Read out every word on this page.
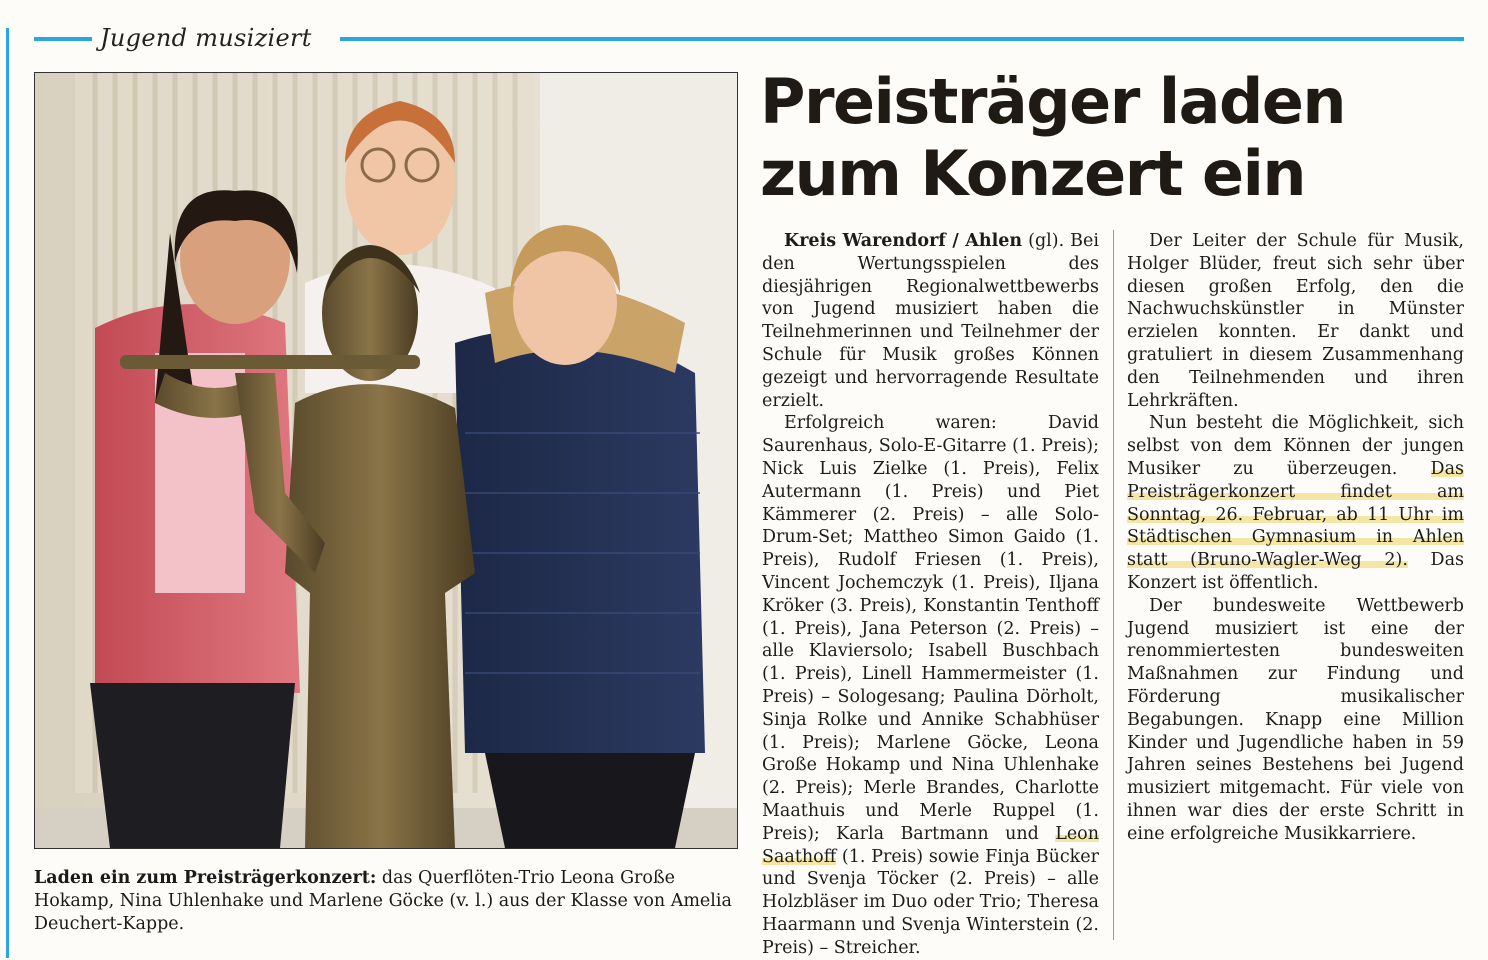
Jugend musiziert
Laden ein zum Preisträgerkonzert: das Querflöten-Trio Leona Große Hokamp, Nina Uhlenhake und Marlene Göcke (v. l.) aus der Klasse von Amelia Deuchert-Kappe.
Preisträger laden
zum Konzert ein

Kreis Warendorf / Ahlen (gl). Bei den Wertungsspielen des diesjährigen Regionalwettbewerbs von Jugend musiziert haben die Teilnehmerinnen und Teilnehmer der Schule für Musik großes Können gezeigt und hervorragende Resultate erzielt.

Erfolgreich waren: David Saurenhaus, Solo-E-Gitarre (1. Preis); Nick Luis Zielke (1. Preis), Felix Autermann (1. Preis) und Piet Kämmerer (2. Preis) – alle Solo-Drum-Set; Mattheo Simon Gaido (1. Preis), Rudolf Friesen (1. Preis), Vincent Jochemczyk (1. Preis), Iljana Kröker (3. Preis), Konstantin Tenthoff (1. Preis), Jana Peterson (2. Preis) – alle Klaviersolo; Isabell Buschbach (1. Preis), Linell Hammermeister (1. Preis) – Sologesang; Paulina Dörholt, Sinja Rolke und Annike Schabhüser (1. Preis); Marlene Göcke, Leona Große Hokamp und Nina Uhlenhake (2. Preis); Merle Brandes, Charlotte Maathuis und Merle Ruppel (1. Preis); Karla Bartmann und Leon Saathoff (1. Preis) sowie Finja Bücker und Svenja Töcker (2. Preis) – alle Holzbläser im Duo oder Trio; Theresa Haarmann und Svenja Winterstein (2. Preis) – Streicher.

Der Leiter der Schule für Musik, Holger Blüder, freut sich sehr über diesen großen Erfolg, den die Nachwuchskünstler in Münster erzielen konnten. Er dankt und gratuliert in diesem Zusammenhang den Teilnehmenden und ihren Lehrkräften.

Nun besteht die Möglichkeit, sich selbst von dem Können der jungen Musiker zu überzeugen. Das Preisträgerkonzert findet am Sonntag, 26. Februar, ab 11 Uhr im Städtischen Gymnasium in Ahlen statt (Bruno-Wagler-Weg 2). Das Konzert ist öffentlich.

Der bundesweite Wettbewerb Jugend musiziert ist eine der renommiertesten bundesweiten Maßnahmen zur Findung und Förderung musikalischer Begabungen. Knapp eine Million Kinder und Jugendliche haben in 59 Jahren seines Bestehens bei Jugend musiziert mitgemacht. Für viele von ihnen war dies der erste Schritt in eine erfolgreiche Musikkarriere.
